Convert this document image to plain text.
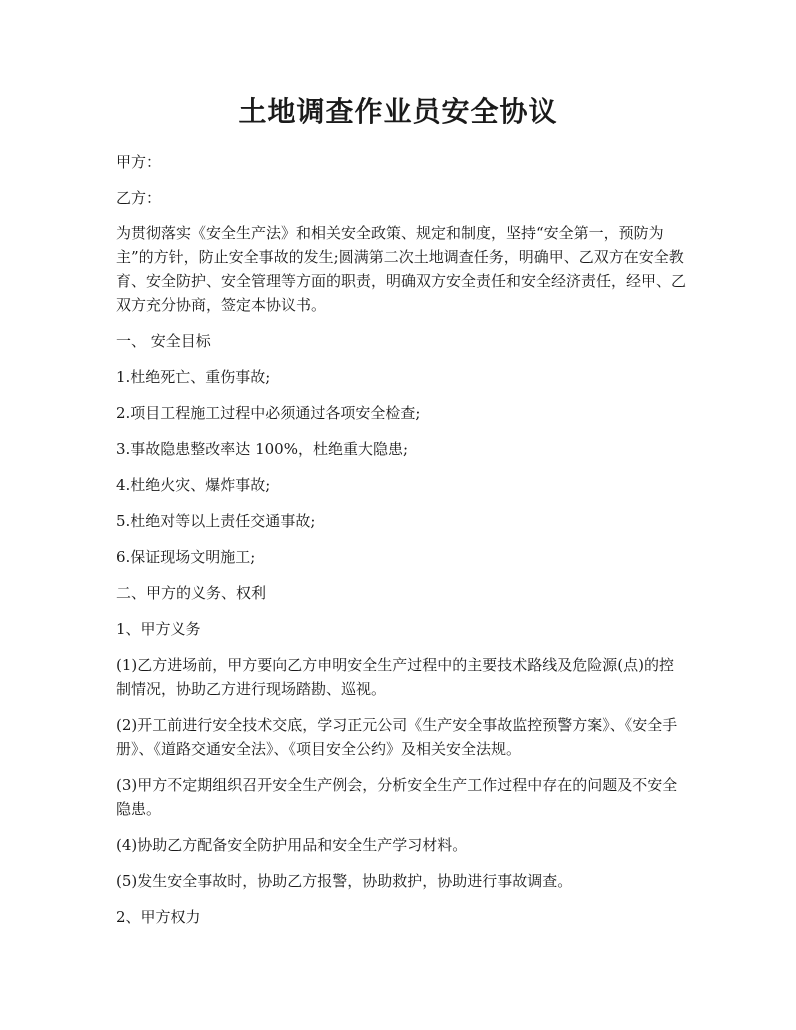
土地调查作业员安全协议

甲方：

乙方：

为贯彻落实《安全生产法》和相关安全政策、规定和制度，坚持“安全第一，预防为主”的方针，防止安全事故的发生;圆满第二次土地调查任务，明确甲、乙双方在安全教育、安全防护、安全管理等方面的职责，明确双方安全责任和安全经济责任，经甲、乙双方充分协商，签定本协议书。

一、 安全目标

1.杜绝死亡、重伤事故;

2.项目工程施工过程中必须通过各项安全检查;

3.事故隐患整改率达 100%，杜绝重大隐患;

4.杜绝火灾、爆炸事故;

5.杜绝对等以上责任交通事故;

6.保证现场文明施工;

二、甲方的义务、权利

1、甲方义务

(1)乙方进场前，甲方要向乙方申明安全生产过程中的主要技术路线及危险源(点)的控制情况，协助乙方进行现场踏勘、巡视。

(2)开工前进行安全技术交底，学习正元公司《生产安全事故监控预警方案》、《安全手册》、《道路交通安全法》、《项目安全公约》及相关安全法规。

(3)甲方不定期组织召开安全生产例会，分析安全生产工作过程中存在的问题及不安全隐患。

(4)协助乙方配备安全防护用品和安全生产学习材料。

(5)发生安全事故时，协助乙方报警，协助救护，协助进行事故调查。

2、甲方权力
